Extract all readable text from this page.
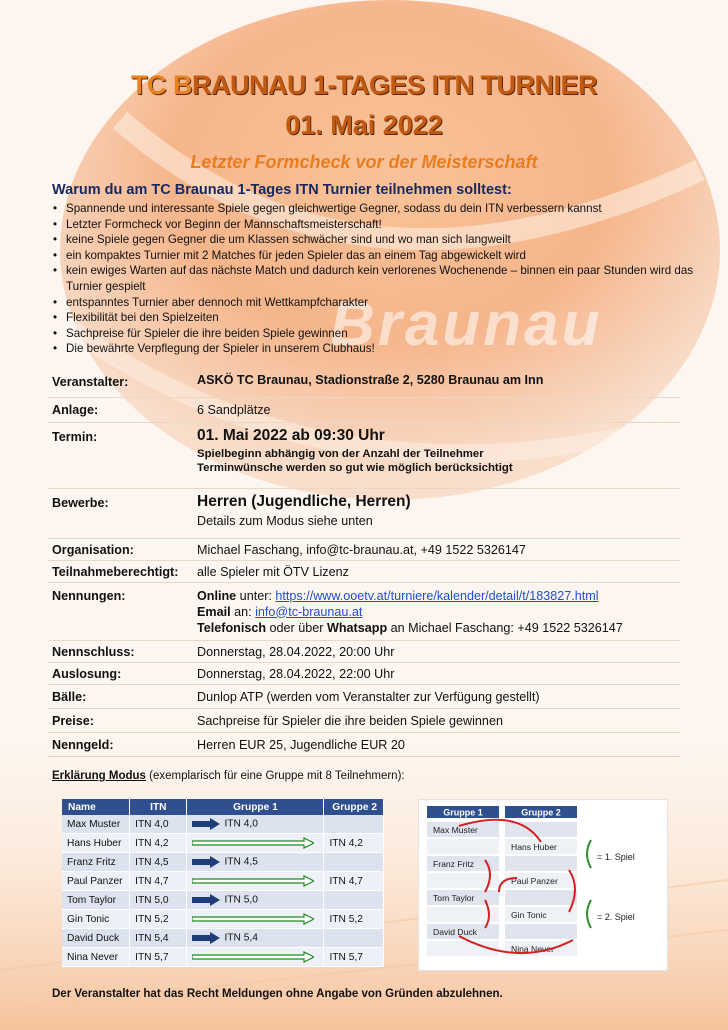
Braunau
TC BRAUNAU 1-TAGES ITN TURNIER
01. Mai 2022
Letzter Formcheck vor der Meisterschaft
Warum du am TC Braunau 1-Tages ITN Turnier teilnehmen solltest:
• Spannende und interessante Spiele gegen gleichwertige Gegner, sodass du dein ITN verbessern kannst
• Letzter Formcheck vor Beginn der Mannschaftsmeisterschaft!
• keine Spiele gegen Gegner die um Klassen schwächer sind und wo man sich langweilt
• ein kompaktes Turnier mit 2 Matches für jeden Spieler das an einem Tag abgewickelt wird
• kein ewiges Warten auf das nächste Match und dadurch kein verlorenes Wochenende – binnen ein paar Stunden wird das Turnier gespielt
• entspanntes Turnier aber dennoch mit Wettkampfcharakter
• Flexibilität bei den Spielzeiten
• Sachpreise für Spieler die ihre beiden Spiele gewinnen
• Die bewährte Verpflegung der Spieler in unserem Clubhaus!
Veranstalter:	ASKÖ TC Braunau, Stadionstraße 2, 5280 Braunau am Inn
Anlage:	6 Sandplätze
Termin:	01. Mai 2022 ab 09:30 Uhr
Spielbeginn abhängig von der Anzahl der Teilnehmer
Terminwünsche werden so gut wie möglich berücksichtigt

Bewerbe:	Herren (Jugendliche, Herren)
Details zum Modus siehe unten

Organisation:	Michael Faschang, info@tc-braunau.at, +49 1522 5326147
Teilnahmeberechtigt:	alle Spieler mit ÖTV Lizenz
Nennungen:	Online unter: https://www.ooetv.at/turniere/kalender/detail/t/183827.html
Email an: info@tc-braunau.at
Telefonisch oder über Whatsapp an Michael Faschang: +49 1522 5326147

Nennschluss:	Donnerstag, 28.04.2022, 20:00 Uhr
Auslosung:	Donnerstag, 28.04.2022, 22:00 Uhr
Bälle:	Dunlop ATP (werden vom Veranstalter zur Verfügung gestellt)
Preise:	Sachpreise für Spieler die ihre beiden Spiele gewinnen
Nenngeld:	Herren EUR 25, Jugendliche EUR 20
Erklärung Modus (exemplarisch für eine Gruppe mit 8 Teilnehmern):
Name	ITN	Gruppe 1	Gruppe 2
Max Muster	ITN 4,0	ITN 4,0	
Hans Huber	ITN 4,2		ITN 4,2
Franz Fritz	ITN 4,5	ITN 4,5	
Paul Panzer	ITN 4,7		ITN 4,7
Tom Taylor	ITN 5,0	ITN 5,0	
Gin Tonic	ITN 5,2		ITN 5,2
David Duck	ITN 5,4	ITN 5,4	
Nina Never	ITN 5,7		ITN 5,7
Gruppe 1	Gruppe 2
Max Muster
Franz Fritz
Tom Taylor
David Duck
Hans Huber
Paul Panzer
Gin Tonic
Nina Never
= 1. Spiel
= 2. Spiel
Der Veranstalter hat das Recht Meldungen ohne Angabe von Gründen abzulehnen.
